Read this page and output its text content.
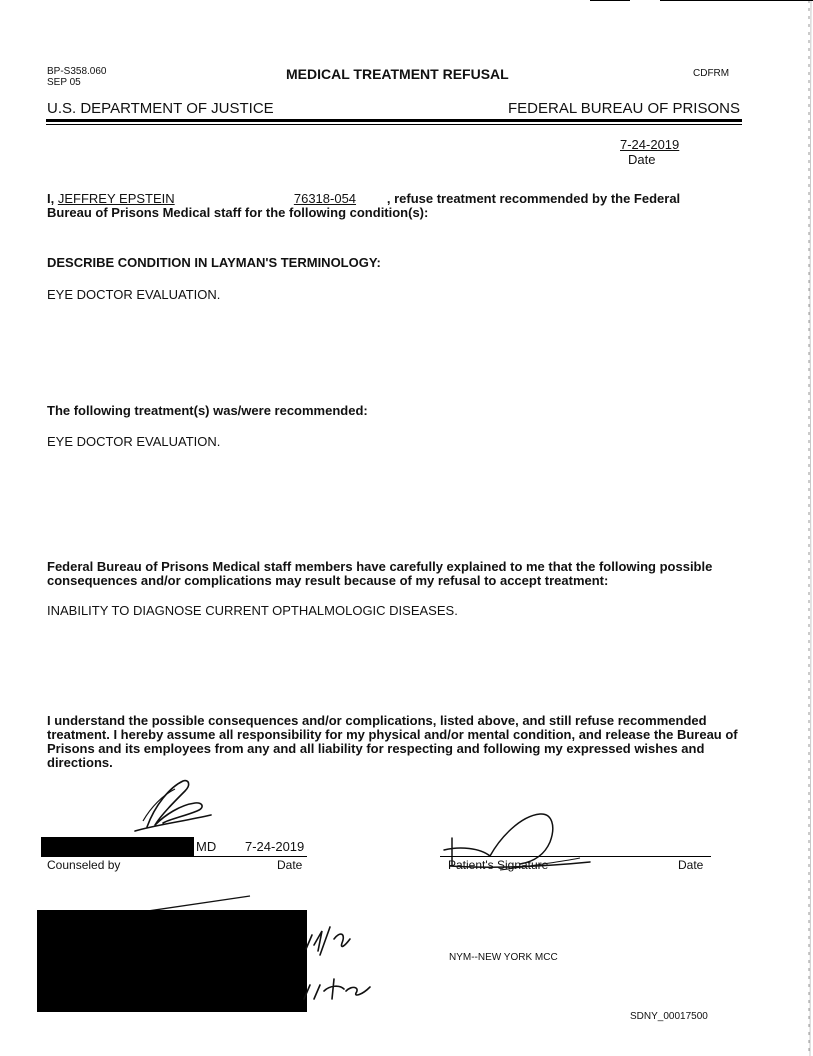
BP-S358.060
SEP 05
MEDICAL TREATMENT REFUSAL	CDFRM
U.S. DEPARTMENT OF JUSTICE	FEDERAL BUREAU OF PRISONS
7-24-2019
Date
I, JEFFREY EPSTEIN	76318-054 , refuse treatment recommended by the Federal
Bureau of Prisons Medical staff for the following condition(s):
DESCRIBE CONDITION IN LAYMAN'S TERMINOLOGY:
EYE DOCTOR EVALUATION.
The following treatment(s) was/were recommended:
EYE DOCTOR EVALUATION.
Federal Bureau of Prisons Medical staff members have carefully explained to me that the following possible consequences and/or complications may result because of my refusal to accept treatment:
INABILITY TO DIAGNOSE CURRENT OPTHALMOLOGIC DISEASES.
I understand the possible consequences and/or complications, listed above, and still refuse recommended treatment. I hereby assume all responsibility for my physical and/or mental condition, and release the Bureau of Prisons and its employees from any and all liability for respecting and following my expressed wishes and directions.
MD 7-24-2019
Counseled by	Date	Patient's Signature	Date
NYM--NEW YORK MCC
SDNY_00017500
